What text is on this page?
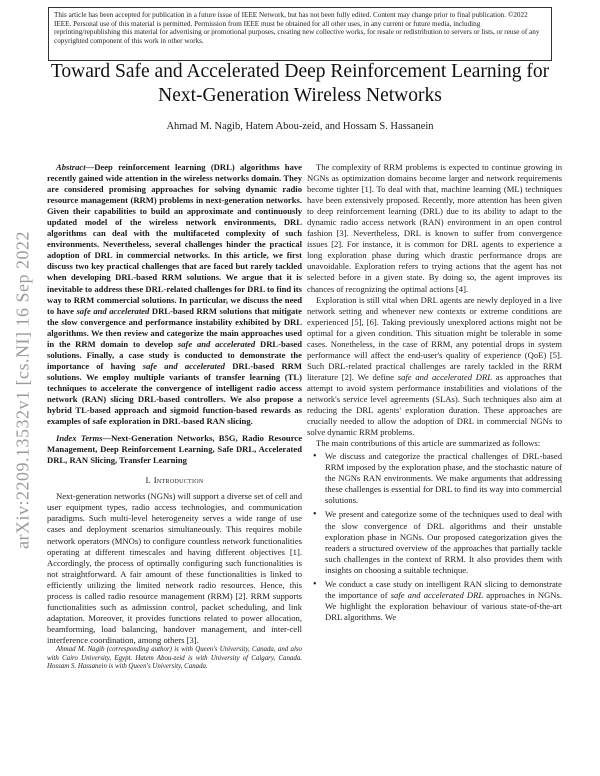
This article has been accepted for publication in a future issue of IEEE Network, but has not been fully edited. Content may change prior to final publication. ©2022 IEEE. Personal use of this material is permitted. Permission from IEEE must be obtained for all other uses, in any current or future media, including reprinting/republishing this material for advertising or promotional purposes, creating new collective works, for resale or redistribution to servers or lists, or reuse of any copyrighted component of this work in other works.
Toward Safe and Accelerated Deep Reinforcement Learning for Next-Generation Wireless Networks
Ahmad M. Nagib, Hatem Abou-zeid, and Hossam S. Hassanein
arXiv:2209.13532v1 [cs.NI] 16 Sep 2022

Abstract—Deep reinforcement learning (DRL) algorithms have recently gained wide attention in the wireless networks domain. They are considered promising approaches for solving dynamic radio resource management (RRM) problems in next-generation networks. Given their capabilities to build an approximate and continuously updated model of the wireless network environments, DRL algorithms can deal with the multifaceted complexity of such environments. Nevertheless, several challenges hinder the practical adoption of DRL in commercial networks. In this article, we first discuss two key practical challenges that are faced but rarely tackled when developing DRL-based RRM solutions. We argue that it is inevitable to address these DRL-related challenges for DRL to find its way to RRM commercial solutions. In particular, we discuss the need to have safe and accelerated DRL-based RRM solutions that mitigate the slow convergence and performance instability exhibited by DRL algorithms. We then review and categorize the main approaches used in the RRM domain to develop safe and accelerated DRL-based solutions. Finally, a case study is conducted to demonstrate the importance of having safe and accelerated DRL-based RRM solutions. We employ multiple variants of transfer learning (TL) techniques to accelerate the convergence of intelligent radio access network (RAN) slicing DRL-based controllers. We also propose a hybrid TL-based approach and sigmoid function-based rewards as examples of safe exploration in DRL-based RAN slicing.

Index Terms—Next-Generation Networks, B5G, Radio Resource Management, Deep Reinforcement Learning, Safe DRL, Accelerated DRL, RAN Slicing, Transfer Learning

I. Introduction

Next-generation networks (NGNs) will support a diverse set of cell and user equipment types, radio access technologies, and communication paradigms. Such multi-level heterogeneity serves a wide range of use cases and deployment scenarios simultaneously. This requires mobile network operators (MNOs) to configure countless network functionalities operating at different timescales and having different objectives [1]. Accordingly, the process of optimally configuring such functionalities is not straightforward. A fair amount of these functionalities is linked to efficiently utilizing the limited network radio resources. Hence, this process is called radio resource management (RRM) [2]. RRM supports functionalities such as admission control, packet scheduling, and link adaptation. Moreover, it provides functions related to power allocation, beamforming, load balancing, handover management, and inter-cell interference coordination, among others [3].

Ahmad M. Nagib (corresponding author) is with Queen's University, Canada, and also with Cairo University, Egypt. Hatem Abou-zeid is with University of Calgary, Canada. Hossam S. Hassanein is with Queen's University, Canada.

The complexity of RRM problems is expected to continue growing in NGNs as optimization domains become larger and network requirements become tighter [1]. To deal with that, machine learning (ML) techniques have been extensively proposed. Recently, more attention has been given to deep reinforcement learning (DRL) due to its ability to adapt to the dynamic radio access network (RAN) environment in an open control fashion [3]. Nevertheless, DRL is known to suffer from convergence issues [2]. For instance, it is common for DRL agents to experience a long exploration phase during which drastic performance drops are unavoidable. Exploration refers to trying actions that the agent has not selected before in a given state. By doing so, the agent improves its chances of recognizing the optimal actions [4].

Exploration is still vital when DRL agents are newly deployed in a live network setting and whenever new contexts or extreme conditions are experienced [5], [6]. Taking previously unexplored actions might not be optimal for a given condition. This situation might be tolerable in some cases. Nonetheless, in the case of RRM, any potential drops in system performance will affect the end-user's quality of experience (QoE) [5]. Such DRL-related practical challenges are rarely tackled in the RRM literature [2]. We define safe and accelerated DRL as approaches that attempt to avoid system performance instabilities and violations of the network's service level agreements (SLAs). Such techniques also aim at reducing the DRL agents' exploration duration. These approaches are crucially needed to allow the adoption of DRL in commercial NGNs to solve dynamic RRM problems.

The main contributions of this article are summarized as follows:

• We discuss and categorize the practical challenges of DRL-based RRM imposed by the exploration phase, and the stochastic nature of the NGNs RAN environments. We make arguments that addressing these challenges is essential for DRL to find its way into commercial solutions.
• We present and categorize some of the techniques used to deal with the slow convergence of DRL algorithms and their unstable exploration phase in NGNs. Our proposed categorization gives the readers a structured overview of the approaches that partially tackle such challenges in the context of RRM. It also provides them with insights on choosing a suitable technique.
• We conduct a case study on intelligent RAN slicing to demonstrate the importance of safe and accelerated DRL approaches in NGNs. We highlight the exploration behaviour of various state-of-the-art DRL algorithms. We
